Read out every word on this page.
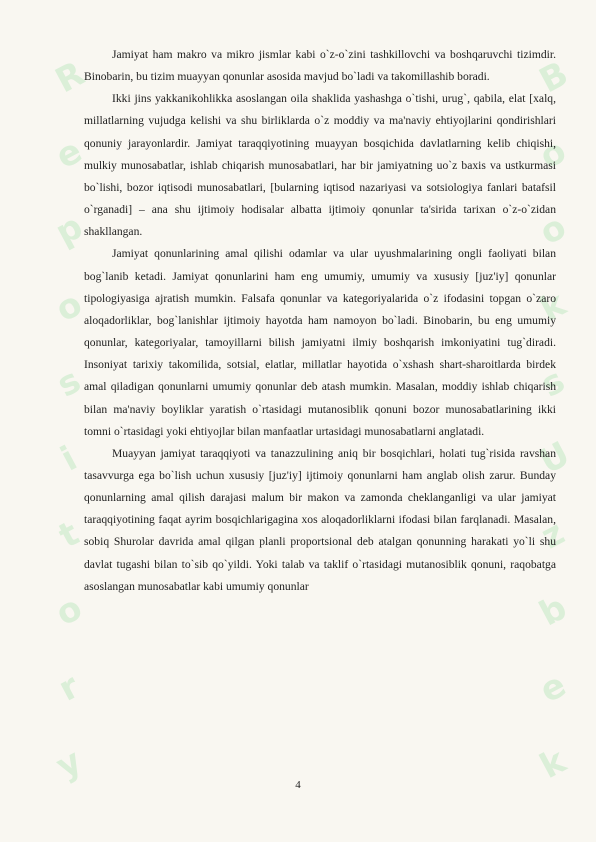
R
e
p
o
s
i
t
o
r
y
B
o
o
k
s
U
z
b
e
k

Jamiyat ham makro va mikro jismlar kabi o`z-o`zini tashkillovchi va boshqaruvchi tizimdir. Binobarin, bu tizim muayyan qonunlar asosida mavjud bo`ladi va takomillashib boradi.

Ikki jins yakkanikohlikka asoslangan oila shaklida yashashga o`tishi, urug`, qabila, elat [xalq, millatlarning vujudga kelishi va shu birliklarda o`z moddiy va ma'naviy ehtiyojlarini qondirishlari qonuniy jarayonlardir. Jamiyat taraqqiyotining muayyan bosqichida davlatlarning kelib chiqishi, mulkiy munosabatlar, ishlab chiqarish munosabatlari, har bir jamiyatning uo`z baxis va ustkurmasi bo`lishi, bozor iqtisodi munosabatlari, [bularning iqtisod nazariyasi va sotsiologiya fanlari batafsil o`rganadi] – ana shu ijtimoiy hodisalar albatta ijtimoiy qonunlar ta'sirida tarixan o`z-o`zidan shakllangan.

Jamiyat qonunlarining amal qilishi odamlar va ular uyushmalarining ongli faoliyati bilan bog`lanib ketadi. Jamiyat qonunlarini ham eng umumiy, umumiy va xususiy [juz'iy] qonunlar tipologiyasiga ajratish mumkin. Falsafa qonunlar va kategoriyalarida o`z ifodasini topgan o`zaro aloqadorliklar, bog`lanishlar ijtimoiy hayotda ham namoyon bo`ladi. Binobarin, bu eng umumiy qonunlar, kategoriyalar, tamoyillarni bilish jamiyatni ilmiy boshqarish imkoniyatini tug`diradi. Insoniyat tarixiy takomilida, sotsial, elatlar, millatlar hayotida o`xshash shart-sharoitlarda birdek amal qiladigan qonunlarni umumiy qonunlar deb atash mumkin. Masalan, moddiy ishlab chiqarish bilan ma'naviy boyliklar yaratish o`rtasidagi mutanosiblik qonuni bozor munosabatlarining ikki tomni o`rtasidagi yoki ehtiyojlar bilan manfaatlar urtasidagi munosabatlarni anglatadi.

Muayyan jamiyat taraqqiyoti va tanazzulining aniq bir bosqichlari, holati tug`risida ravshan tasavvurga ega bo`lish uchun xususiy [juz'iy] ijtimoiy qonunlarni ham anglab olish zarur. Bunday qonunlarning amal qilish darajasi malum bir makon va zamonda cheklanganligi va ular jamiyat taraqqiyotining faqat ayrim bosqichlarigagina xos aloqadorliklarni ifodasi bilan farqlanadi. Masalan, sobiq Shurolar davrida amal qilgan planli proportsional deb atalgan qonunning harakati yo`li shu davlat tugashi bilan to`sib qo`yildi. Yoki talab va taklif o`rtasidagi mutanosiblik qonuni, raqobatga asoslangan munosabatlar kabi umumiy qonunlar

4
